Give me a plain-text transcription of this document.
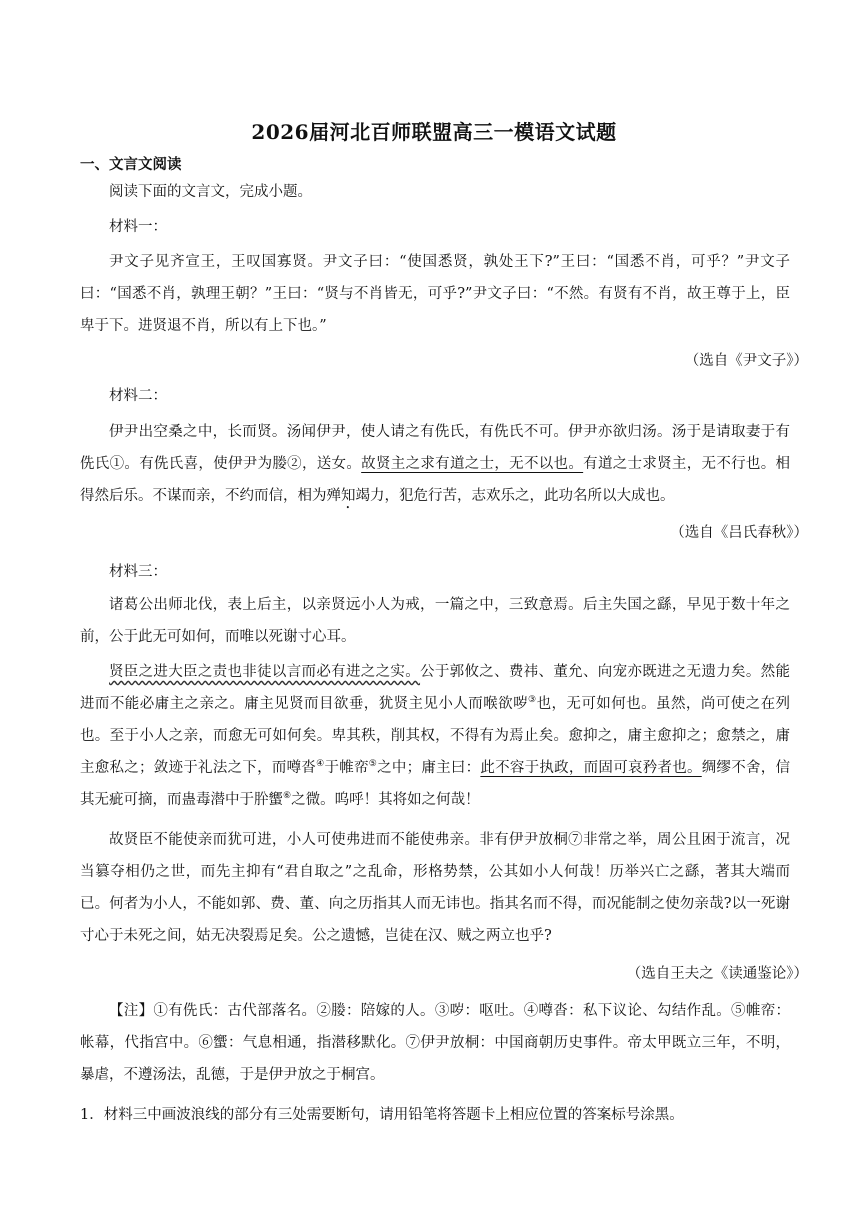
2026届河北百师联盟高三一模语文试题
一、文言文阅读
阅读下面的文言文，完成小题。
材料一：
尹文子见齐宣王，王叹国寡贤。尹文子曰：“使国悉贤，孰处王下?”王曰：“国悉不肖，可乎？”尹文子曰：“国悉不肖，孰理王朝？”王曰：“贤与不肖皆无，可乎?”尹文子曰：“不然。有贤有不肖，故王尊于上，臣卑于下。进贤退不肖，所以有上下也。”
（选自《尹文子》）
材料二：
伊尹出空桑之中，长而贤。汤闻伊尹，使人请之有侁氏，有侁氏不可。伊尹亦欲归汤。汤于是请取妻于有侁氏①。有侁氏喜，使伊尹为媵②，送女。故贤主之求有道之士，无不以也。有道之士求贤主，无不行也。相得然后乐。不谋而亲，不约而信，相为殚知竭力，犯危行苦，志欢乐之，此功名所以大成也。
（选自《吕氏春秋》）
材料三：
诸葛公出师北伐，表上后主，以亲贤远小人为戒，一篇之中，三致意焉。后主失国之繇，早见于数十年之前，公于此无可如何，而唯以死谢寸心耳。
贤臣之进大臣之责也非徒以言而必有进之之实。公于郭攸之、费祎、董允、向宠亦既进之无遗力矣。然能进而不能必庸主之亲之。庸主见贤而目欲垂，犹贤主见小人而喉欲哕③也，无可如何也。虽然，尚可使之在列也。至于小人之亲，而愈无可如何矣。卑其秩，削其权，不得有为焉止矣。愈抑之，庸主愈抑之；愈禁之，庸主愈私之；敛迹于礼法之下，而噂沓④于帷帟⑤之中；庸主曰：此不容于执政，而固可哀矜者也。绸缪不舍，信其无疵可摘，而蛊毒潜中于肸蠁⑥之微。呜呼！其将如之何哉！
故贤臣不能使亲而犹可进，小人可使弗进而不能使弗亲。非有伊尹放桐⑦非常之举，周公且困于流言，况当篡夺相仍之世，而先主抑有“君自取之”之乱命，形格势禁，公其如小人何哉！历举兴亡之繇，著其大端而已。何者为小人，不能如郭、费、董、向之历指其人而无讳也。指其名而不得，而况能制之使勿亲哉?以一死谢寸心于未死之间，姑无决裂焉足矣。公之遗憾，岂徒在汉、贼之两立也乎?
（选自王夫之《读通鉴论》）
【注】①有侁氏：古代部落名。②媵：陪嫁的人。③哕：呕吐。④噂沓：私下议论、勾结作乱。⑤帷帟：帐幕，代指宫中。⑥蠁：气息相通，指潜移默化。⑦伊尹放桐：中国商朝历史事件。帝太甲既立三年，不明，暴虐，不遵汤法，乱德，于是伊尹放之于桐宫。
1．材料三中画波浪线的部分有三处需要断句，请用铅笔将答题卡上相应位置的答案标号涂黑。
